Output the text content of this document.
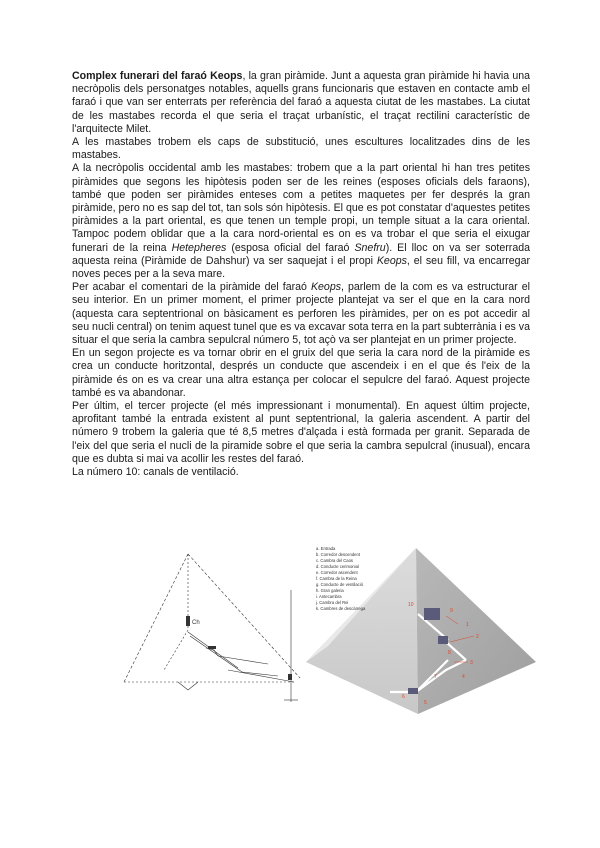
Complex funerari del faraó Keops, la gran piràmide. Junt a aquesta gran piràmide hi havia una necròpolis dels personatges notables, aquells grans funcionaris que estaven en contacte amb el faraó i que van ser enterrats per referència del faraó a aquesta ciutat de les mastabes. La ciutat de les mastabes recorda el que seria el traçat urbanístic, el traçat rectilini característic de l'arquitecte Milet.

A les mastabes trobem els caps de substitució, unes escultures localitzades dins de les mastabes.

A la necròpolis occidental amb les mastabes: trobem que a la part oriental hi han tres petites piràmides que segons les hipòtesis poden ser de les reines (esposes oficials dels faraons), també que poden ser piràmides enteses com a petites maquetes per fer després la gran piràmide, pero no es sap del tot, tan sols són hipòtesis. El que es pot constatar d'aquestes petites piràmides a la part oriental, es que tenen un temple propi, un temple situat a la cara oriental. Tampoc podem oblidar que a la cara nord-oriental es on es va trobar el que seria el eixugar funerari de la reina Hetepheres (esposa oficial del faraó Snefru). El lloc on va ser soterrada aquesta reina (Piràmide de Dahshur) va ser saquejat i el propi Keops, el seu fill, va encarregar noves peces per a la seva mare.

Per acabar el comentari de la piràmide del faraó Keops, parlem de la com es va estructurar el seu interior. En un primer moment, el primer projecte plantejat va ser el que en la cara nord (aquesta cara septentrional on bàsicament es perforen les piràmides, per on es pot accedir al seu nucli central) on tenim aquest tunel que es va excavar sota terra en la part subterrània i es va situar el que seria la cambra sepulcral número 5, tot açò va ser plantejat en un primer projecte.

En un segon projecte es va tornar obrir en el gruix del que seria la cara nord de la piràmide es crea un conducte horitzontal, després un conducte que ascendeix i en el que és l'eix de la piràmide és on es va crear una altra estança per colocar el sepulcre del faraó. Aquest projecte també es va abandonar.

Per últim, el tercer projecte (el més impressionant i monumental). En aquest últim projecte, aprofitant també la entrada existent al punt septentrional, la galeria ascendent. A partir del número 9 trobem la galeria que té 8,5 metres d'alçada i està formada per granit. Separada de l'eix del que seria el nucli de la piramide sobre el que seria la cambra sepulcral (inusual), encara que es dubta si mai va acollir les restes del faraó.

La número 10: canals de ventilació.

Ch
a. Entrada
b. Corredor descendent
c. Cambra del Caos
d. Conducte cerimonial
e. Corredor ascendent
f. Cambra de la Reina
g. Conducte de ventilació
h. Gran galeria
i. Antecambra
j. Cambra del Rei
k. Cambres de descàrrega
1
2
3
4
5
6
7
8
9
10
